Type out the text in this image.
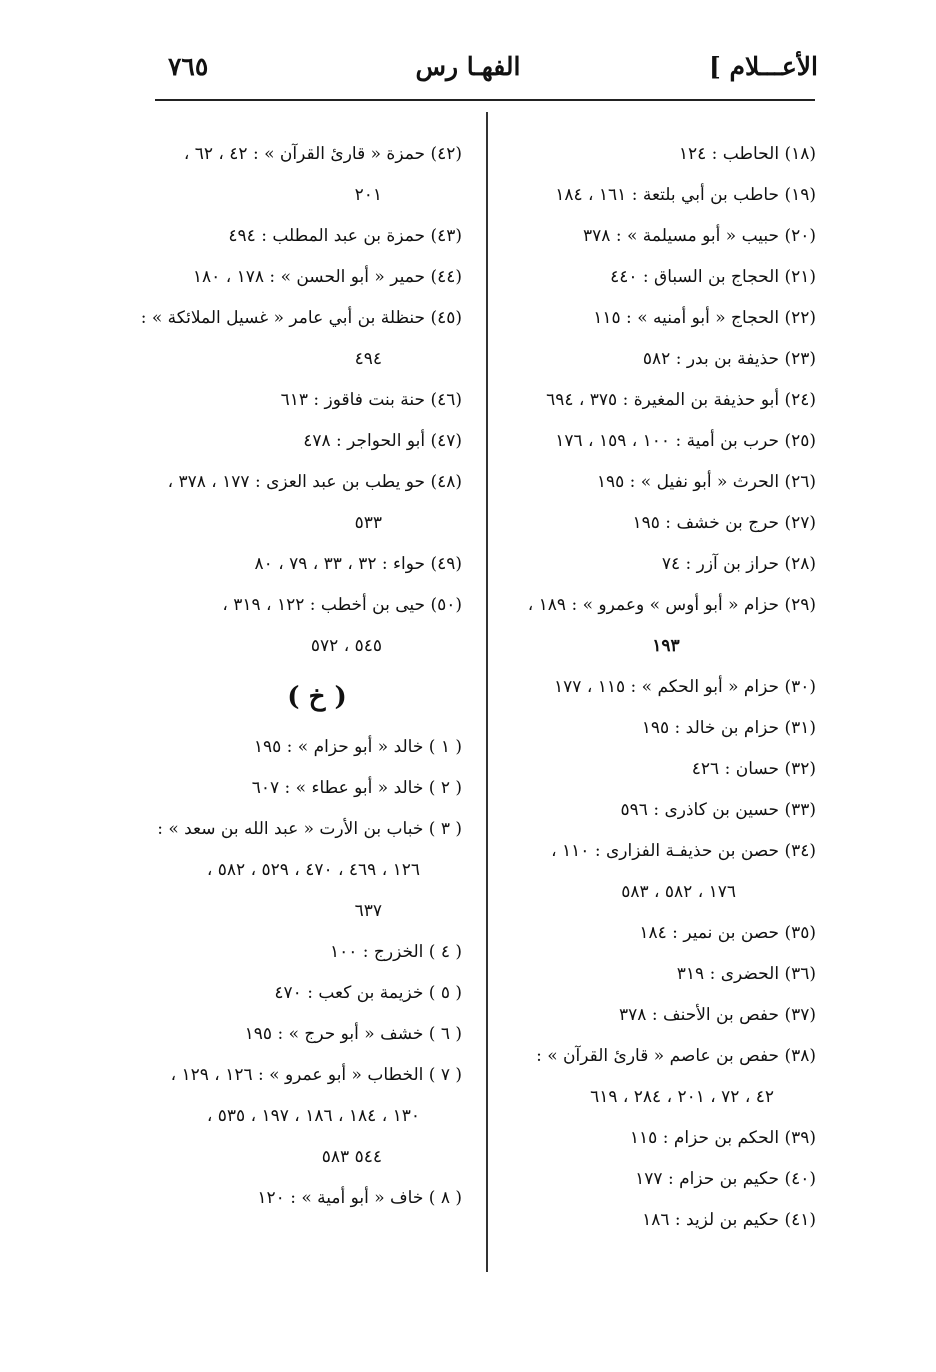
الأعـــلام ]
الفهـا رس
٧٦٥
(١٨) الحاطب : ١٢٤
(١٩) حاطب بن أبي بلتعة : ١٦١ ، ١٨٤
(٢٠) حبيب « أبو مسيلمة » : ٣٧٨
(٢١) الحجاج بن السباق : ٤٤٠
(٢٢) الحجاج « أبو أمنيه » : ١١٥
(٢٣) حذيفة بن بدر : ٥٨٢
(٢٤) أبو حذيفة بن المغيرة : ٣٧٥ ، ٦٩٤
(٢٥) حرب بن أمية : ١٠٠ ، ١٥٩ ، ١٧٦
(٢٦) الحرث « أبو نفيل » : ١٩٥
(٢٧) حرج بن خشف : ١٩٥
(٢٨) حراز بن آزر : ٧٤
(٢٩) حزام « أبو أوس » وعمرو » : ١٨٩ ،
١٩٣
(٣٠) حزام « أبو الحكم » : ١١٥ ، ١٧٧
(٣١) حزام بن خالد : ١٩٥
(٣٢) حسان : ٤٢٦
(٣٣) حسين بن كاذرى : ٥٩٦
(٣٤) حصن بن حذيفـة الفزارى : ١١٠ ،
١٧٦ ، ٥٨٢ ، ٥٨٣
(٣٥) حصن بن نمير : ١٨٤
(٣٦) الحضرى : ٣١٩
(٣٧) حفص بن الأحنف : ٣٧٨
(٣٨) حفص بن عاصم « قارئ القرآن » :
٤٢ ، ٧٢ ، ٢٠١ ، ٢٨٤ ، ٦١٩
(٣٩) الحكم بن حزام : ١١٥
(٤٠) حكيم بن حزام : ١٧٧
(٤١) حكيم بن لزيد : ١٨٦
(٤٢) حمزة « قارئ القرآن » : ٤٢ ، ٦٢ ،
٢٠١
(٤٣) حمزة بن عبد المطلب : ٤٩٤
(٤٤) حمير « أبو الحسن » : ١٧٨ ، ١٨٠
(٤٥) حنظلة بن أبي عامر « غسيل الملائكة » :
٤٩٤
(٤٦) حنة بنت فاقوز : ٦١٣
(٤٧) أبو الحواجر : ٤٧٨
(٤٨) حو يطب بن عبد العزى : ١٧٧ ، ٣٧٨ ،
٥٣٣
(٤٩) حواء : ٣٢ ، ٣٣ ، ٧٩ ، ٨٠
(٥٠) حيى بن أخطب : ١٢٢ ، ٣١٩ ،
٥٤٥ ، ٥٧٢
( خ )
( ١ ) خالد « أبو حزام » : ١٩٥
( ٢ ) خالد « أبو عطاء » : ٦٠٧
( ٣ ) خباب بن الأرت « عبد الله بن سعد » :
١٢٦ ، ٤٦٩ ، ٤٧٠ ، ٥٢٩ ، ٥٨٢ ،
٦٣٧
( ٤ ) الخزرج : ١٠٠
( ٥ ) خزيمة بن كعب : ٤٧٠
( ٦ ) خشف « أبو حرج » : ١٩٥
( ٧ ) الخطاب « أبو عمرو » : ١٢٦ ، ١٢٩ ،
١٣٠ ، ١٨٤ ، ١٨٦ ، ١٩٧ ، ٥٣٥ ،
٥٤٤ ٥٨٣
( ٨ ) خاف « أبو أمية » : ١٢٠
